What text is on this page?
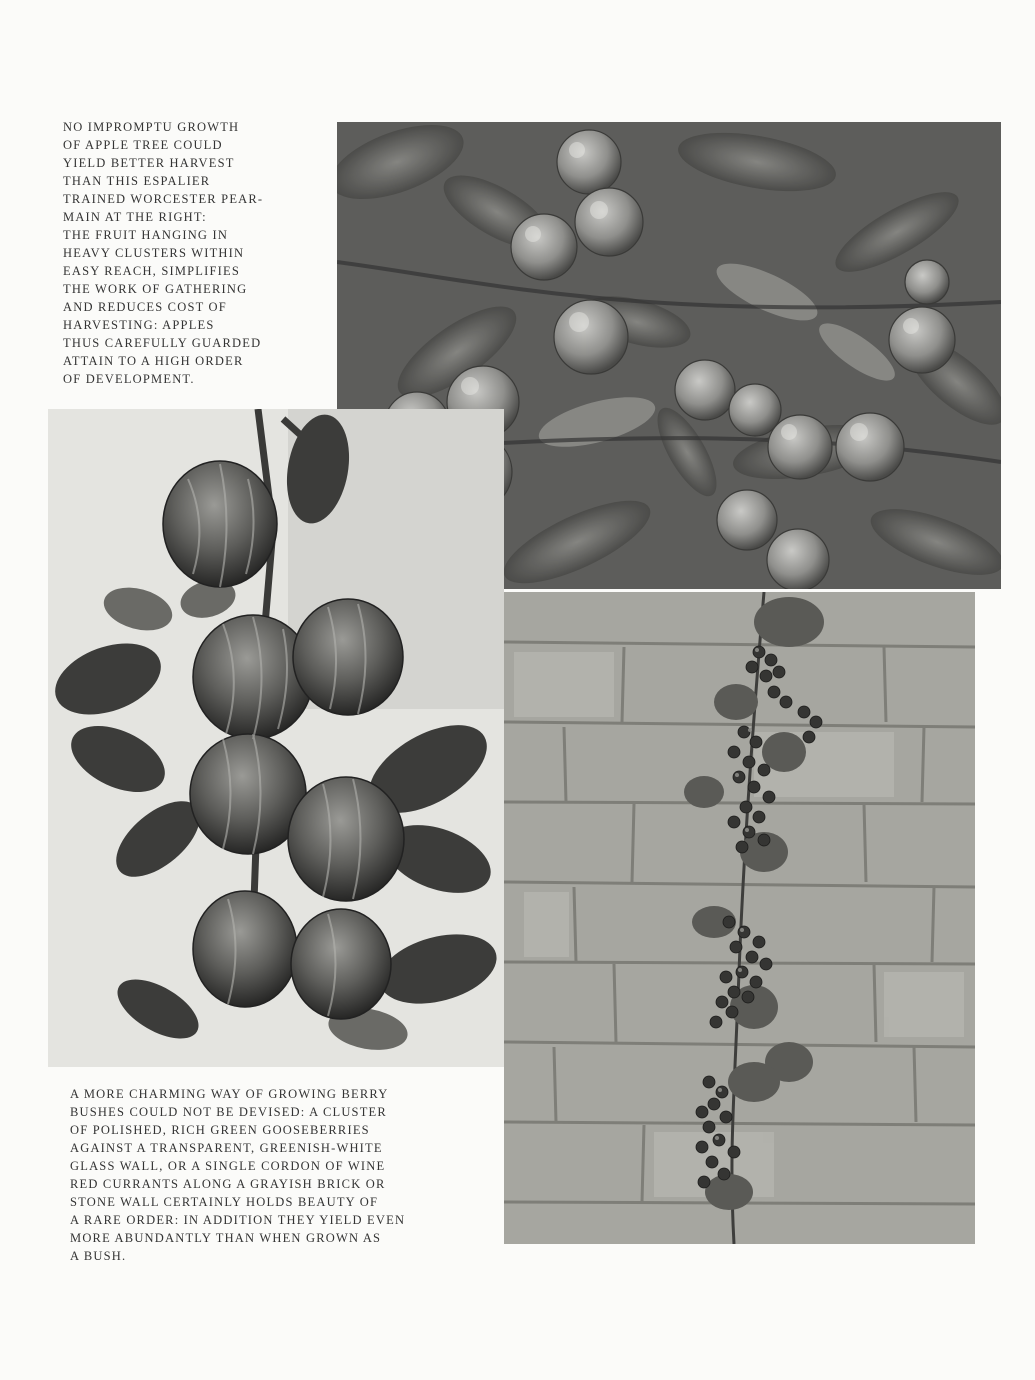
NO IMPROMPTU GROWTH
OF APPLE TREE COULD
YIELD BETTER HARVEST
THAN THIS ESPALIER
TRAINED WORCESTER PEAR-
MAIN AT THE RIGHT:
THE FRUIT HANGING IN
HEAVY CLUSTERS WITHIN
EASY REACH, SIMPLIFIES
THE WORK OF GATHERING
AND REDUCES COST OF
HARVESTING: APPLES
THUS CAREFULLY GUARDED
ATTAIN TO A HIGH ORDER
OF DEVELOPMENT.
A MORE CHARMING WAY OF GROWING BERRY
BUSHES COULD NOT BE DEVISED: A CLUSTER
OF POLISHED, RICH GREEN GOOSEBERRIES
AGAINST A TRANSPARENT, GREENISH-WHITE
GLASS WALL, OR A SINGLE CORDON OF WINE
RED CURRANTS ALONG A GRAYISH BRICK OR
STONE WALL CERTAINLY HOLDS BEAUTY OF
A RARE ORDER: IN ADDITION THEY YIELD EVEN
MORE ABUNDANTLY THAN WHEN GROWN AS
A BUSH.
